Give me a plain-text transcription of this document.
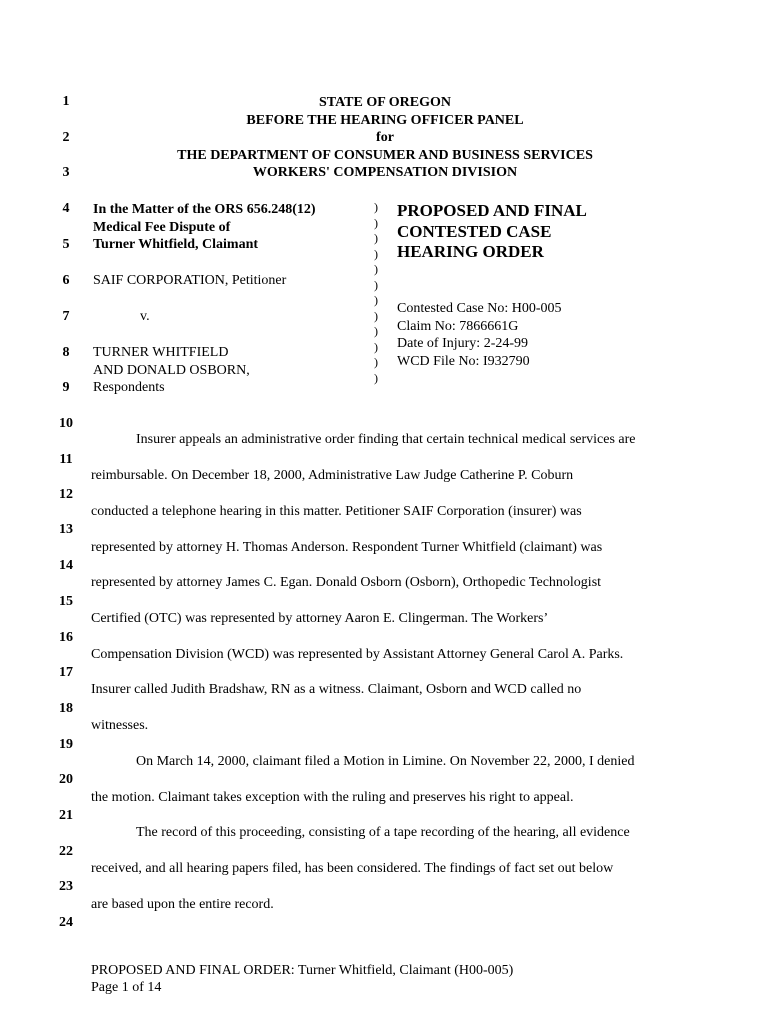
1
2
3
4
5
6
7
8
9
10
11
12
13
14
15
16
17
18
19
20
21
22
23
24
STATE OF OREGON
BEFORE THE HEARING OFFICER PANEL
for
THE DEPARTMENT OF CONSUMER AND BUSINESS SERVICES
WORKERS' COMPENSATION DIVISION
In the Matter of the ORS 656.248(12)
Medical Fee Dispute of
Turner Whitfield, Claimant
SAIF CORPORATION, Petitioner
v.
TURNER WHITFIELD
AND DONALD OSBORN,
Respondents
)
)
)
)
)
)
)
)
)
)
)
)
PROPOSED AND FINAL
CONTESTED CASE
HEARING ORDER
Contested Case No: H00-005
Claim No: 7866661G
Date of Injury: 2-24-99
WCD File No: I932790
Insurer appeals an administrative order finding that certain technical medical services are
reimbursable. On December 18, 2000, Administrative Law Judge Catherine P. Coburn
conducted a telephone hearing in this matter. Petitioner SAIF Corporation (insurer) was
represented by attorney H. Thomas Anderson. Respondent Turner Whitfield (claimant) was
represented by attorney James C. Egan. Donald Osborn (Osborn), Orthopedic Technologist
Certified (OTC) was represented by attorney Aaron E. Clingerman. The Workers’
Compensation Division (WCD) was represented by Assistant Attorney General Carol A. Parks.
Insurer called Judith Bradshaw, RN as a witness. Claimant, Osborn and WCD called no
witnesses.
On March 14, 2000, claimant filed a Motion in Limine. On November 22, 2000, I denied
the motion. Claimant takes exception with the ruling and preserves his right to appeal.
The record of this proceeding, consisting of a tape recording of the hearing, all evidence
received, and all hearing papers filed, has been considered. The findings of fact set out below
are based upon the entire record.
PROPOSED AND FINAL ORDER: Turner Whitfield, Claimant (H00-005)
Page 1 of 14
